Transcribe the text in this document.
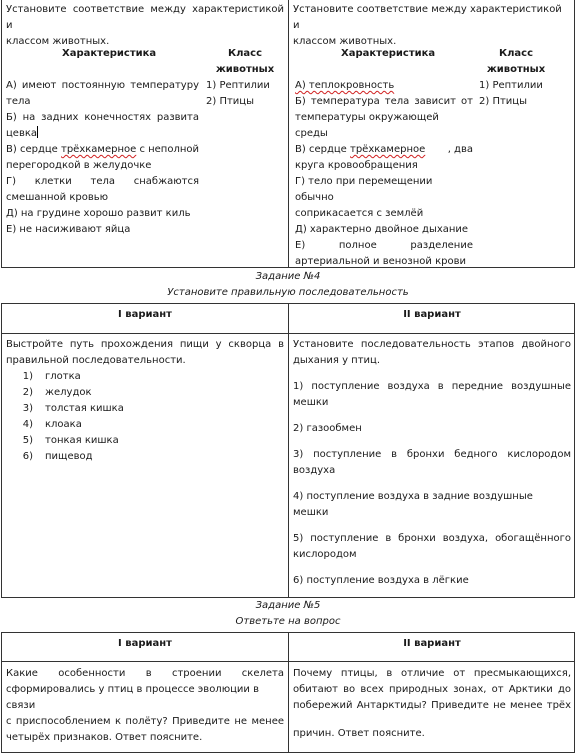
Установите соответствие между характеристикой и
классом животных.
Характеристика	Класс
животных
1) Рептилии
2) Птицы
А) имеют постоянную температуру
тела
Б) на задних конечностях развита
цевка
В) сердце трёхкамерное с неполной
перегородкой в желудочке
Г) клетки тела снабжаются
смешанной кровью
Д) на грудине хорошо развит киль
Е) не насиживают яйца
Установите соответствие между характеристикой и
классом животных.
Характеристика	Класс
животных
1) Рептилии
2) Птицы
А) теплокровность
Б) температура тела зависит от
температуры окружающей среды
В) сердце трёхкамерное , два
круга кровообращения
Г) тело при перемещении обычно
соприкасается с землёй
Д) характерно двойное дыхание
Е) полное разделение
артериальной и венозной крови
Задание №4
Установите правильную последовательность
I вариант	II вариант
Выстройте путь прохождения пищи у скворца в
правильной последовательности.
1) глотка
2) желудок
3) толстая кишка
4) клоака
5) тонкая кишка
6) пищевод
Установите последовательность этапов двойного
дыхания у птиц.
1) поступление воздуха в передние воздушные
мешки
2) газообмен
3) поступление в бронхи бедного кислородом
воздуха
4) поступление воздуха в задние воздушные мешки
5) поступление в бронхи воздуха, обогащённого
кислородом
6) поступление воздуха в лёгкие
Задание №5
Ответьте на вопрос
I вариант	II вариант
Какие особенности в строении скелета
сформировались у птиц в процессе эволюции в связи
с приспособлением к полёту? Приведите не менее
четырёх признаков. Ответ поясните.
Почему птицы, в отличие от пресмыкающихся,
обитают во всех природных зонах, от Арктики до
побережий Антарктиды? Приведите не менее трёх
причин. Ответ поясните.
